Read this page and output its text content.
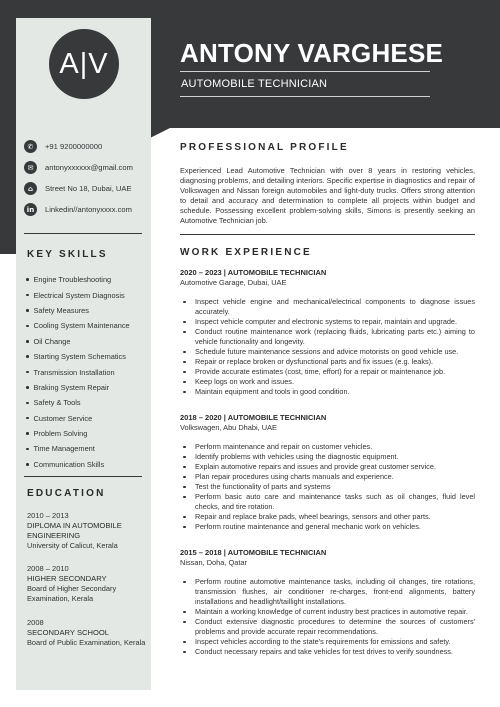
A|V
✆	+91 9200000000
✉	antonyxxxxxx@gmail.com
⌂	Street No 18, Dubai, UAE
in	Linkedin//antonyxxxx.com
KEY SKILLS
Engine Troubleshooting
Electrical System Diagnosis
Safety Measures
Cooling System Maintenance
Oil Change
Starting System Schematics
Transmission Installation
Braking System Repair
Safety & Tools
Customer Service
Problem Solving
Time Management
Communication Skills
EDUCATION
2010 – 2013
DIPLOMA IN AUTOMOBILE ENGINEERING
University of Calicut, Kerala
2008 – 2010
HIGHER SECONDARY
Board of Higher Secondary Examination, Kerala
2008
SECONDARY SCHOOL
Board of Public Examination, Kerala
ANTONY VARGHESE
AUTOMOBILE TECHNICIAN
PROFESSIONAL PROFILE
Experienced Lead Automotive Technician with over 8 years in restoring vehicles, diagnosing problems, and detailing interiors. Specific expertise in diagnostics and repair of Volkswagen and Nissan foreign automobiles and light-duty trucks. Offers strong attention to detail and accuracy and determination to complete all projects within budget and schedule. Possessing excellent problem-solving skills, Simons is presently seeking an Automotive Technician job.
WORK EXPERIENCE
2020 – 2023 | AUTOMOBILE TECHNICIAN
Automotive Garage, Dubai, UAE
Inspect vehicle engine and mechanical/electrical components to diagnose issues accurately.
Inspect vehicle computer and electronic systems to repair, maintain and upgrade.
Conduct routine maintenance work (replacing fluids, lubricating parts etc.) aiming to vehicle functionality and longevity.
Schedule future maintenance sessions and advice motorists on good vehicle use.
Repair or replace broken or dysfunctional parts and fix issues (e.g. leaks).
Provide accurate estimates (cost, time, effort) for a repair or maintenance job.
Keep logs on work and issues.
Maintain equipment and tools in good condition.
2018 – 2020 | AUTOMOBILE TECHNICIAN
Volkswagen, Abu Dhabi, UAE
Perform maintenance and repair on customer vehicles.
Identify problems with vehicles using the diagnostic equipment.
Explain automotive repairs and issues and provide great customer service.
Plan repair procedures using charts manuals and experience.
Test the functionality of parts and systems
Perform basic auto care and maintenance tasks such as oil changes, fluid level checks, and tire rotation.
Repair and replace brake pads, wheel bearings, sensors and other parts.
Perform routine maintenance and general mechanic work on vehicles.
2015 – 2018 | AUTOMOBILE TECHNICIAN
Nissan, Doha, Qatar
Perform routine automotive maintenance tasks, including oil changes, tire rotations, transmission flushes, air conditioner re-charges, front-end alignments, battery installations and headlight/taillight installations.
Maintain a working knowledge of current industry best practices in automotive repair.
Conduct extensive diagnostic procedures to determine the sources of customers' problems and provide accurate repair recommendations.
Inspect vehicles according to the state's requirements for emissions and safety.
Conduct necessary repairs and take vehicles for test drives to verify soundness.
